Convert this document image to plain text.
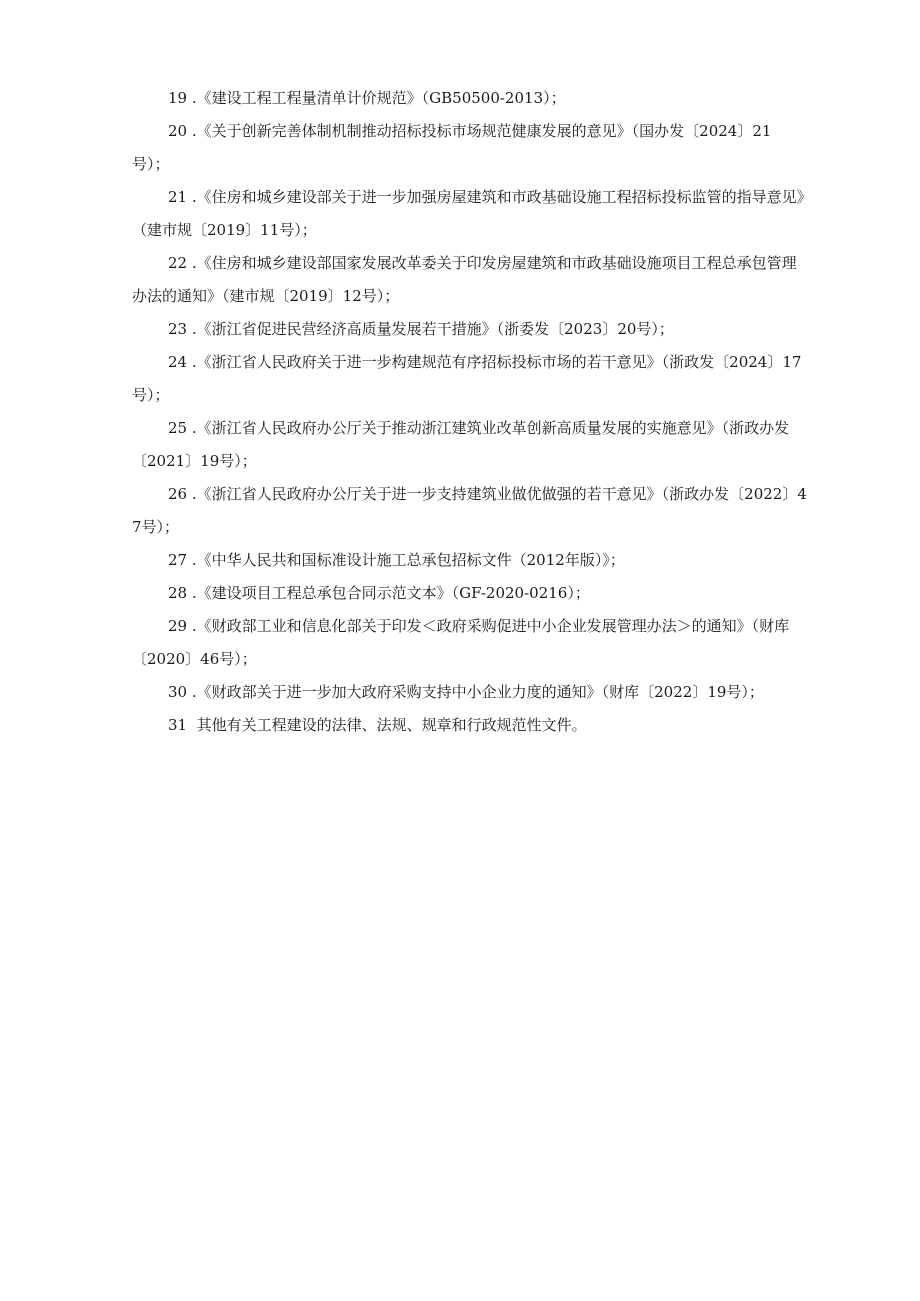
19 .《建设工程工程量清单计价规范》（GB50500-2013）；

20 .《关于创新完善体制机制推动招标投标市场规范健康发展的意见》（国办发〔2024〕21号）；

21 .《住房和城乡建设部关于进一步加强房屋建筑和市政基础设施工程招标投标监管的指导意见》（建市规〔2019〕11号）；

22 .《住房和城乡建设部国家发展改革委关于印发房屋建筑和市政基础设施项目工程总承包管理办法的通知》（建市规〔2019〕12号）；

23 .《浙江省促进民营经济高质量发展若干措施》（浙委发〔2023〕20号）；

24 .《浙江省人民政府关于进一步构建规范有序招标投标市场的若干意见》（浙政发〔2024〕17号）；

25 .《浙江省人民政府办公厅关于推动浙江建筑业改革创新高质量发展的实施意见》（浙政办发〔2021〕19号）；

26 .《浙江省人民政府办公厅关于进一步支持建筑业做优做强的若干意见》（浙政办发〔2022〕47号）；

27 .《中华人民共和国标准设计施工总承包招标文件（2012年版）》；

28 .《建设项目工程总承包合同示范文本》（GF-2020-0216）；

29 .《财政部工业和信息化部关于印发＜政府采购促进中小企业发展管理办法＞的通知》（财库〔2020〕46号）；

30 .《财政部关于进一步加大政府采购支持中小企业力度的通知》（财库〔2022〕19号）；

31 其他有关工程建设的法律、法规、规章和行政规范性文件。
